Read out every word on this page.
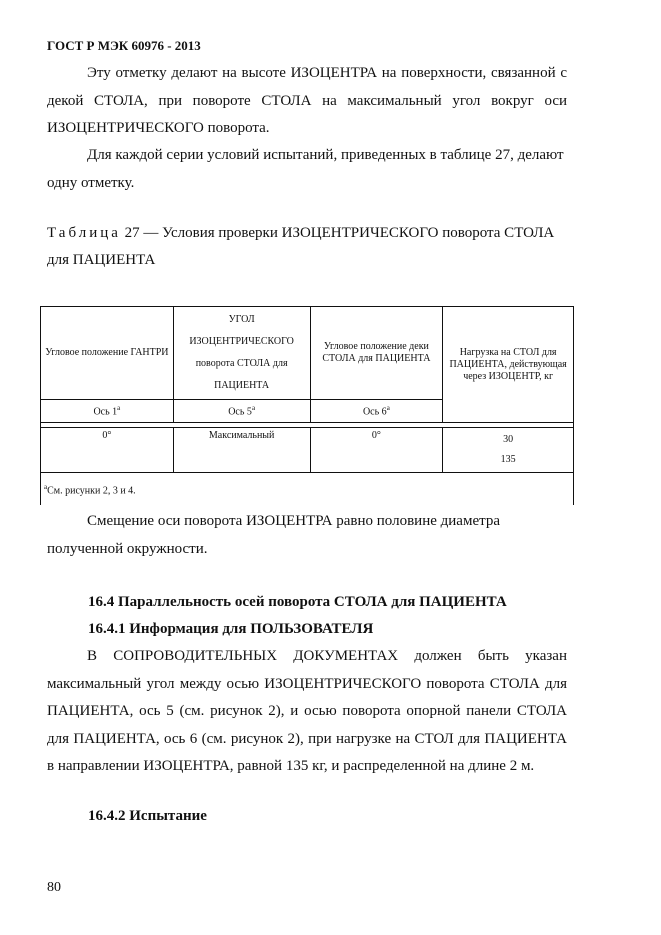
ГОСТ Р МЭК 60976 - 2013

Эту отметку делают на высоте ИЗОЦЕНТРА на поверхности, связанной с декой СТОЛА, при повороте СТОЛА на максимальный угол вокруг оси ИЗОЦЕНТРИЧЕСКОГО поворота.

Для каждой серии условий испытаний, приведенных в таблице 27, делают одну отметку.

Таблица 27 — Условия проверки ИЗОЦЕНТРИЧЕСКОГО поворота СТОЛА для ПАЦИЕНТА
Угловое положение ГАНТРИ	УГОЛ ИЗОЦЕНТРИЧЕСКОГО поворота СТОЛА для ПАЦИЕНТА	Угловое положение деки СТОЛА для ПАЦИЕНТА	Нагрузка на СТОЛ для ПАЦИЕНТА, действующая через ИЗОЦЕНТР, кг
Ось $1^а$	Ось $5^а$	Ось $6^а$

0°	Максимальный	0°	30
135
$^а$См. рисунки 2, 3 и 4.			

Смещение оси поворота ИЗОЦЕНТРА равно половине диаметра полученной окружности.

16.4 Параллельность осей поворота СТОЛА для ПАЦИЕНТА
16.4.1 Информация для ПОЛЬЗОВАТЕЛЯ

В СОПРОВОДИТЕЛЬНЫХ ДОКУМЕНТАХ должен быть указан максимальный угол между осью ИЗОЦЕНТРИЧЕСКОГО поворота СТОЛА для ПАЦИЕНТА, ось 5 (см. рисунок 2), и осью поворота опорной панели СТОЛА для ПАЦИЕНТА, ось 6 (см. рисунок 2), при нагрузке на СТОЛ для ПАЦИЕНТА в направлении ИЗОЦЕНТРА, равной 135 кг, и распределенной на длине 2 м.

16.4.2 Испытание
80
